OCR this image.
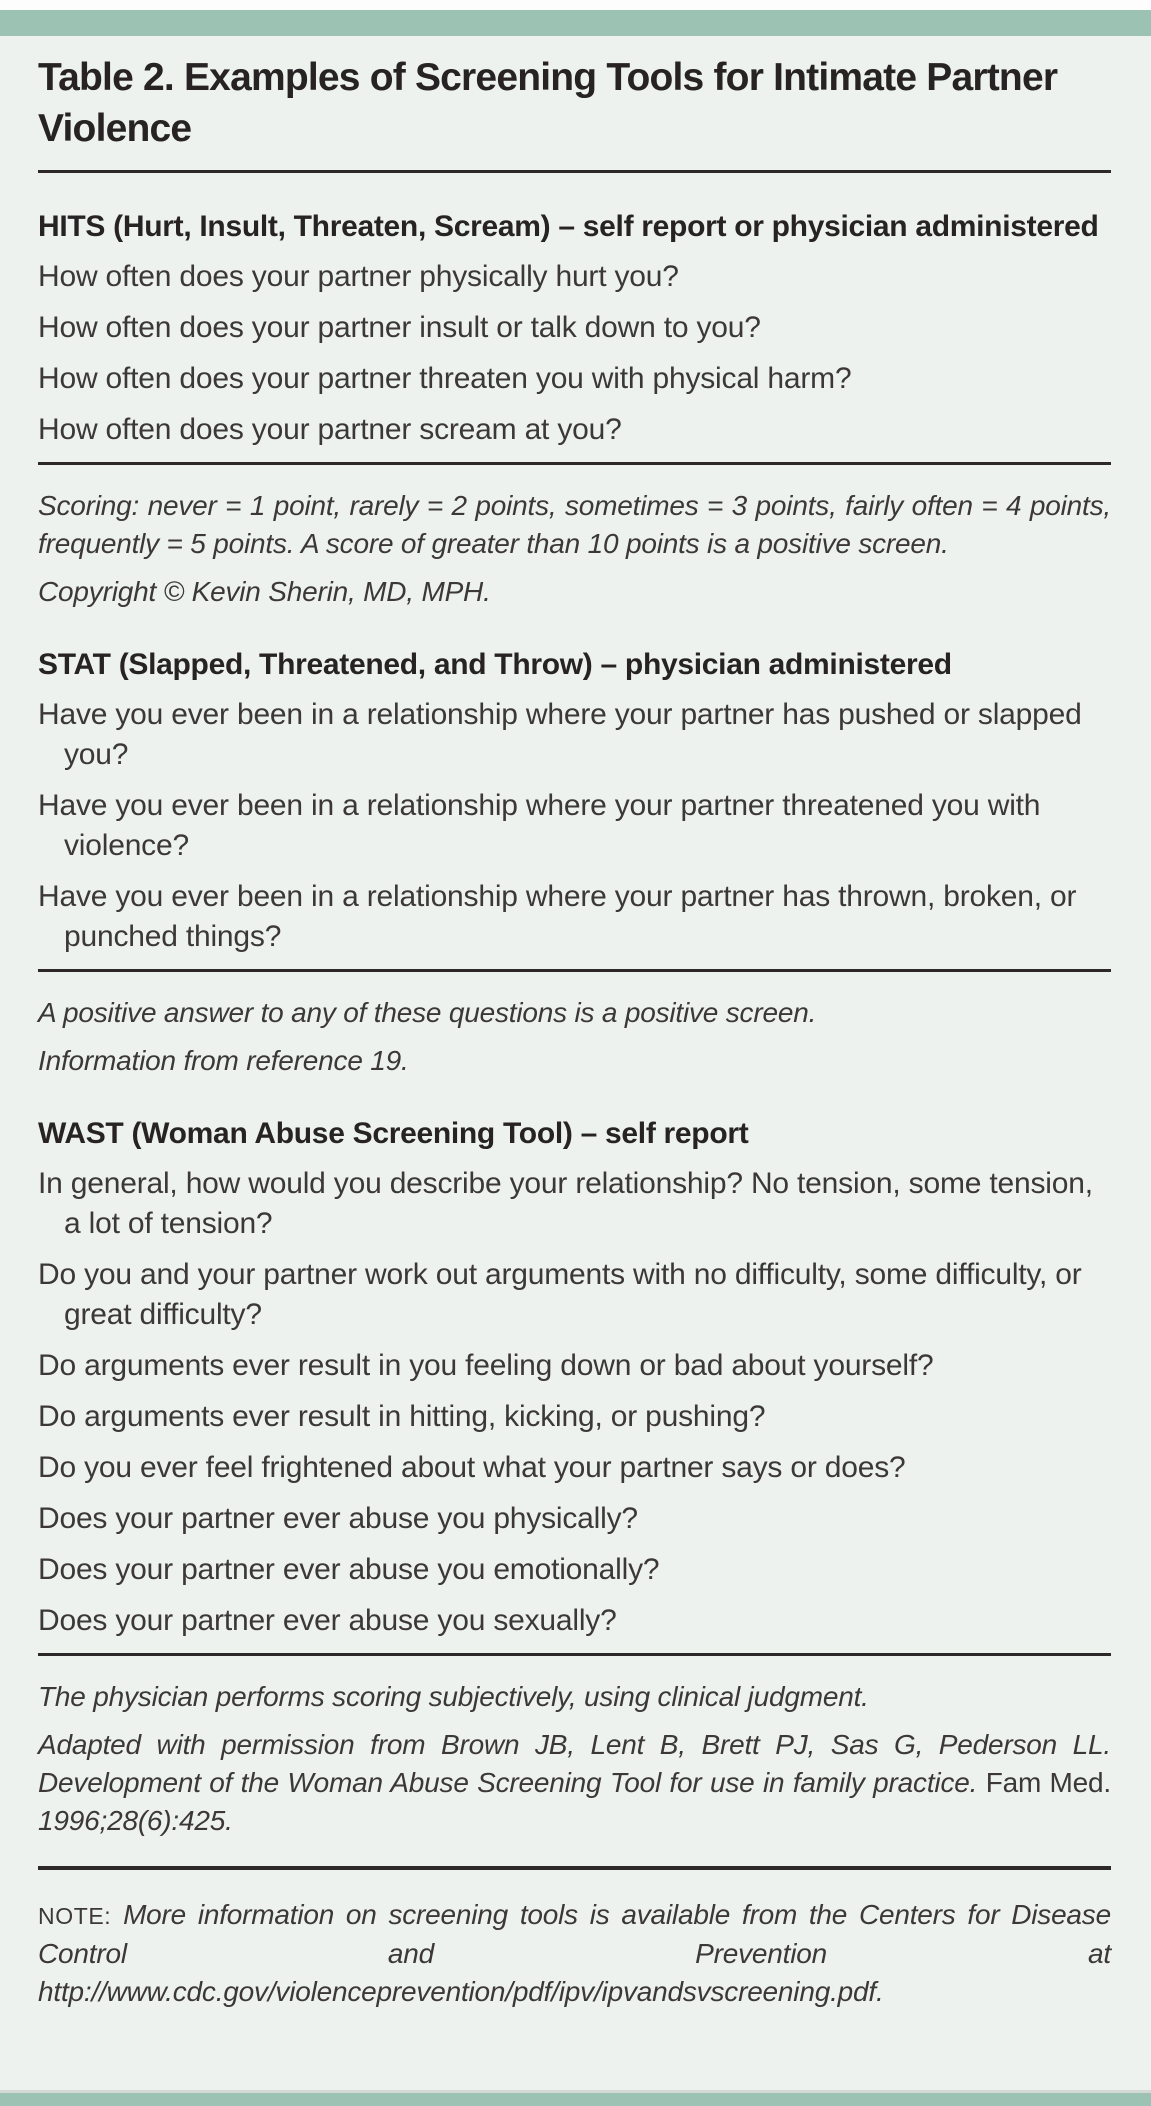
Table 2. Examples of Screening Tools for Intimate Partner Violence
HITS (Hurt, Insult, Threaten, Scream) – self report or physician administered

How often does your partner physically hurt you?

How often does your partner insult or talk down to you?

How often does your partner threaten you with physical harm?

How often does your partner scream at you?

Scoring: never = 1 point, rarely = 2 points, sometimes = 3 points, fairly often = 4 points, frequently = 5 points. A score of greater than 10 points is a positive screen.

Copyright © Kevin Sherin, MD, MPH.

STAT (Slapped, Threatened, and Throw) – physician administered

Have you ever been in a relationship where your partner has pushed or slapped you?

Have you ever been in a relationship where your partner threatened you with violence?

Have you ever been in a relationship where your partner has thrown, broken, or punched things?

A positive answer to any of these questions is a positive screen.

Information from reference 19.

WAST (Woman Abuse Screening Tool) – self report

In general, how would you describe your relationship? No tension, some tension, a lot of tension?

Do you and your partner work out arguments with no difficulty, some difficulty, or great difficulty?

Do arguments ever result in you feeling down or bad about yourself?

Do arguments ever result in hitting, kicking, or pushing?

Do you ever feel frightened about what your partner says or does?

Does your partner ever abuse you physically?

Does your partner ever abuse you emotionally?

Does your partner ever abuse you sexually?

The physician performs scoring subjectively, using clinical judgment.

Adapted with permission from Brown JB, Lent B, Brett PJ, Sas G, Pederson LL. Development of the Woman Abuse Screening Tool for use in family practice. Fam Med. 1996;28(6):425.

NOTE: More information on screening tools is available from the Centers for Disease Control and Prevention at http://www.cdc.gov/violenceprevention/pdf/ipv/ipvandsvscreening.pdf.
